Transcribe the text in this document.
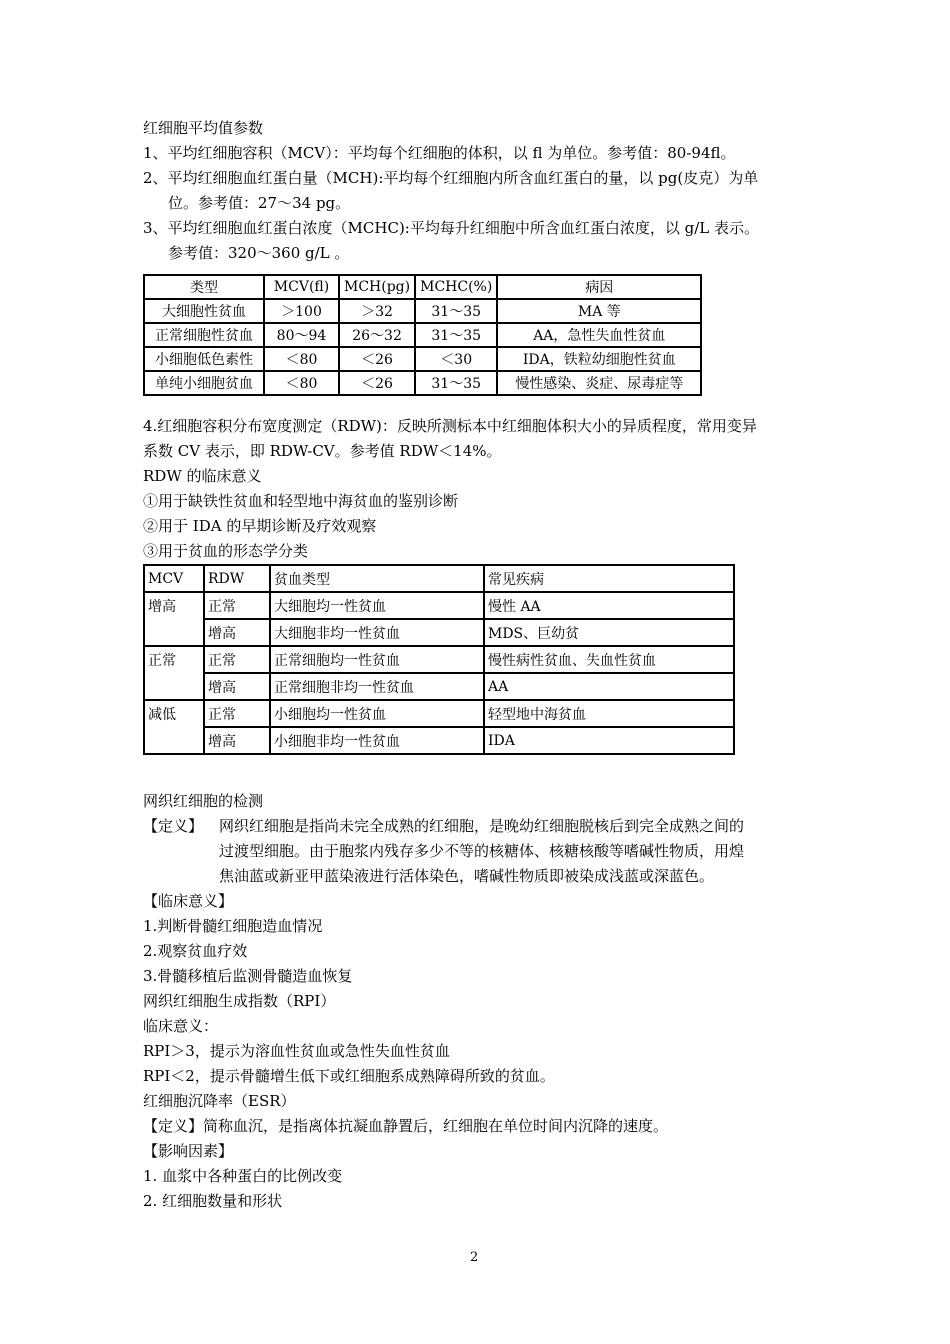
红细胞平均值参数
1、平均红细胞容积（MCV）：平均每个红细胞的体积，以 fl 为单位。参考值：80-94fl。
2、平均红细胞血红蛋白量（MCH):平均每个红细胞内所含血红蛋白的量，以 pg(皮克）为单
位。参考值：27～34 pg。
3、平均红细胞血红蛋白浓度（MCHC):平均每升红细胞中所含血红蛋白浓度，以 g/L 表示。
参考值：320～360 g/L 。
类型	MCV(fl)	MCH(pg)	MCHC(%)	病因
大细胞性贫血	＞100	＞32	31～35	MA 等
正常细胞性贫血	80～94	26～32	31～35	AA，急性失血性贫血
小细胞低色素性	＜80	＜26	＜30	IDA，铁粒幼细胞性贫血
单纯小细胞贫血	＜80	＜26	31～35	慢性感染、炎症、尿毒症等
4.红细胞容积分布宽度测定（RDW)：反映所测标本中红细胞体积大小的异质程度，常用变异
系数 CV 表示，即 RDW-CV。参考值 RDW＜14%。
RDW 的临床意义
①用于缺铁性贫血和轻型地中海贫血的鉴别诊断
②用于 IDA 的早期诊断及疗效观察
③用于贫血的形态学分类
MCV	RDW	贫血类型	常见疾病
增高	正常	大细胞均一性贫血	慢性 AA
	增高	大细胞非均一性贫血	MDS、巨幼贫
正常	正常	正常细胞均一性贫血	慢性病性贫血、失血性贫血
	增高	正常细胞非均一性贫血	AA
减低	正常	小细胞均一性贫血	轻型地中海贫血
	增高	小细胞非均一性贫血	IDA
网织红细胞的检测
【定义】 网织红细胞是指尚未完全成熟的红细胞，是晚幼红细胞脱核后到完全成熟之间的
过渡型细胞。由于胞浆内残存多少不等的核糖体、核糖核酸等嗜碱性物质，用煌
焦油蓝或新亚甲蓝染液进行活体染色，嗜碱性物质即被染成浅蓝或深蓝色。
【临床意义】
1.判断骨髓红细胞造血情况
2.观察贫血疗效
3.骨髓移植后监测骨髓造血恢复
网织红细胞生成指数（RPI）
临床意义：
RPI＞3，提示为溶血性贫血或急性失血性贫血
RPI＜2，提示骨髓增生低下或红细胞系成熟障碍所致的贫血。
红细胞沉降率（ESR）
【定义】简称血沉，是指离体抗凝血静置后，红细胞在单位时间内沉降的速度。
【影响因素】
1. 血浆中各种蛋白的比例改变
2. 红细胞数量和形状
2
